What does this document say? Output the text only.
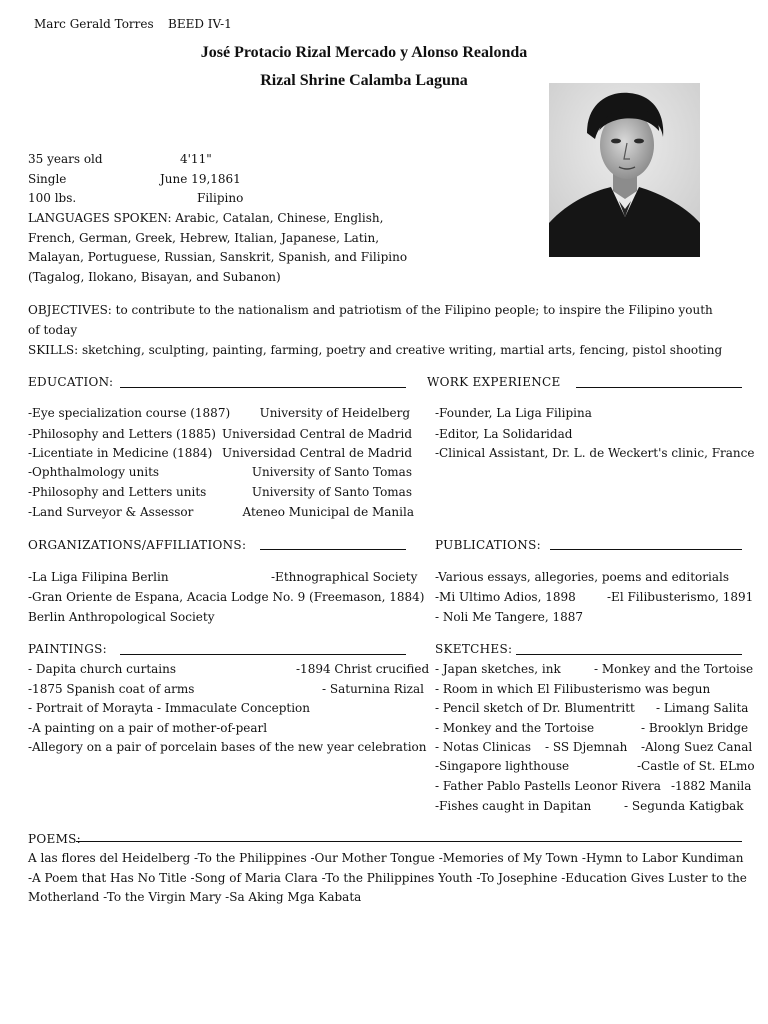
Marc Gerald Torres BEED IV-1
José Protacio Rizal Mercado y Alonso Realonda
Rizal Shrine Calamba Laguna
35 years old	4'11"
Single	June 19,1861
100 lbs.	Filipino
LANGUAGES SPOKEN: Arabic, Catalan, Chinese, English,
French, German, Greek, Hebrew, Italian, Japanese, Latin,
Malayan, Portuguese, Russian, Sanskrit, Spanish, and Filipino
(Tagalog, Ilokano, Bisayan, and Subanon)
OBJECTIVES: to contribute to the nationalism and patriotism of the Filipino people; to inspire the Filipino youth
of today
SKILLS: sketching, sculpting, painting, farming, poetry and creative writing, martial arts, fencing, pistol shooting
EDUCATION:
-Eye specialization course (1887) University of Heidelberg
-Philosophy and Letters (1885) Universidad Central de Madrid
-Licentiate in Medicine (1884) Universidad Central de Madrid
-Ophthalmology units	University of Santo Tomas
-Philosophy and Letters units	University of Santo Tomas
-Land Surveyor & Assessor	Ateneo Municipal de Manila
WORK EXPERIENCE
-Founder, La Liga Filipina
-Editor, La Solidaridad
-Clinical Assistant, Dr. L. de Weckert's clinic, France
ORGANIZATIONS/AFFILIATIONS:
-La Liga Filipina Berlin	-Ethnographical Society
-Gran Oriente de Espana, Acacia Lodge No. 9 (Freemason, 1884)
Berlin Anthropological Society
PUBLICATIONS:
-Various essays, allegories, poems and editorials
-Mi Ultimo Adios, 1898	-El Filibusterismo, 1891
- Noli Me Tangere, 1887
PAINTINGS:
- Dapita church curtains	-1894 Christ crucified
-1875 Spanish coat of arms	- Saturnina Rizal
- Portrait of Morayta - Immaculate Conception
-A painting on a pair of mother-of-pearl
-Allegory on a pair of porcelain bases of the new year celebration
SKETCHES:
- Japan sketches, ink	- Monkey and the Tortoise
- Room in which El Filibusterismo was begun
- Pencil sketch of Dr. Blumentritt - Limang Salita
- Monkey and the Tortoise	- Brooklyn Bridge
- Notas Clinicas - SS Djemnah -Along Suez Canal
-Singapore lighthouse	-Castle of St. ELmo
- Father Pablo Pastells Leonor Rivera -1882 Manila
-Fishes caught in Dapitan	- Segunda Katigbak
POEMS:
A las flores del Heidelberg -To the Philippines -Our Mother Tongue -Memories of My Town -Hymn to Labor Kundiman
-A Poem that Has No Title -Song of Maria Clara -To the Philippines Youth -To Josephine -Education Gives Luster to the
Motherland -To the Virgin Mary -Sa Aking Mga Kabata
